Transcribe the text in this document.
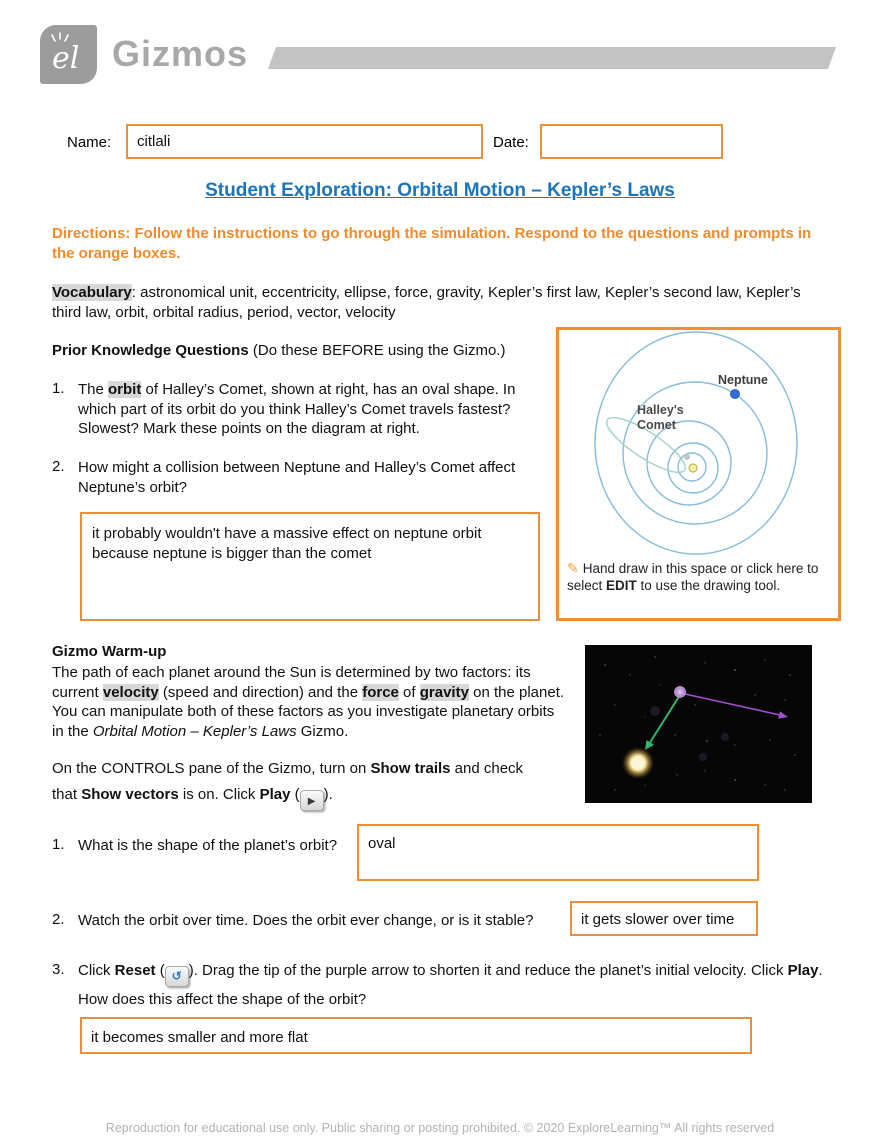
el Gizmos
Name:	citlali	Date:
Student Exploration: Orbital Motion – Kepler’s Laws

Directions: Follow the instructions to go through the simulation. Respond to the questions and prompts in the orange boxes.

Vocabulary: astronomical unit, eccentricity, ellipse, force, gravity, Kepler’s first law, Kepler’s second law, Kepler’s third law, orbit, orbital radius, period, vector, velocity

Prior Knowledge Questions (Do these BEFORE using the Gizmo.)

1. The orbit of Halley’s Comet, shown at right, has an oval shape. In which part of its orbit do you think Halley’s Comet travels fastest? Slowest? Mark these points on the diagram at right.
2. How might a collision between Neptune and Halley’s Comet affect Neptune’s orbit?
it probably wouldn't have a massive effect on neptune orbit because neptune is bigger than the comet
Neptune
Halley's
Comet
✎ Hand draw in this space or click here to select EDIT to use the drawing tool.
Gizmo Warm-up
The path of each planet around the Sun is determined by two factors: its current velocity (speed and direction) and the force of gravity on the planet. You can manipulate both of these factors as you investigate planetary orbits in the Orbital Motion – Kepler’s Laws Gizmo.
On the CONTROLS pane of the Gizmo, turn on Show trails and check
that Show vectors is on. Click Play ( ▶ ).
1. What is the shape of the planet’s orbit?	oval
2. Watch the orbit over time. Does the orbit ever change, or is it stable?	it gets slower over time
3. Click Reset ( ↺ ). Drag the tip of the purple arrow to shorten it and reduce the planet’s initial velocity. Click Play. How does this affect the shape of the orbit?
it becomes smaller and more flat
Reproduction for educational use only. Public sharing or posting prohibited. © 2020 ExploreLearning™ All rights reserved
